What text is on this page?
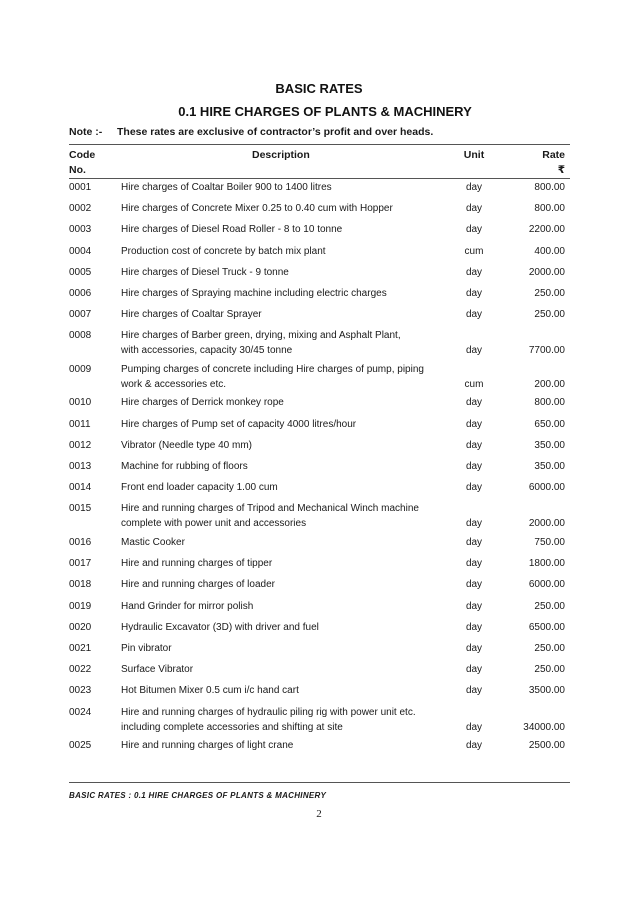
BASIC RATES
0.1 HIRE CHARGES OF PLANTS & MACHINERY
Note :- These rates are exclusive of contractor’s profit and over heads.
Code
No.
Description	Unit	Rate
₹
0001	Hire charges of Coaltar Boiler 900 to 1400 litres	day	800.00
0002	Hire charges of Concrete Mixer 0.25 to 0.40 cum with Hopper	day	800.00
0003	Hire charges of Diesel Road Roller - 8 to 10 tonne	day	2200.00
0004	Production cost of concrete by batch mix plant	cum	400.00
0005	Hire charges of Diesel Truck - 9 tonne	day	2000.00
0006	Hire charges of Spraying machine including electric charges	day	250.00
0007	Hire charges of Coaltar Sprayer	day	250.00
0008	Hire charges of Barber green, drying, mixing and Asphalt Plant,
with accessories, capacity 30/45 tonne	day	7700.00
0009	Pumping charges of concrete including Hire charges of pump, piping
work & accessories etc.	cum	200.00
0010	Hire charges of Derrick monkey rope	day	800.00
0011	Hire charges of Pump set of capacity 4000 litres/hour	day	650.00
0012	Vibrator (Needle type 40 mm)	day	350.00
0013	Machine for rubbing of floors	day	350.00
0014	Front end loader capacity 1.00 cum	day	6000.00
0015	Hire and running charges of Tripod and Mechanical Winch machine
complete with power unit and accessories	day	2000.00
0016	Mastic Cooker	day	750.00
0017	Hire and running charges of tipper	day	1800.00
0018	Hire and running charges of loader	day	6000.00
0019	Hand Grinder for mirror polish	day	250.00
0020	Hydraulic Excavator (3D) with driver and fuel	day	6500.00
0021	Pin vibrator	day	250.00
0022	Surface Vibrator	day	250.00
0023	Hot Bitumen Mixer 0.5 cum i/c hand cart	day	3500.00
0024	Hire and running charges of hydraulic piling rig with power unit etc.
including complete accessories and shifting at site	day	34000.00
0025	Hire and running charges of light crane	day	2500.00
BASIC RATES : 0.1 HIRE CHARGES OF PLANTS & MACHINERY
2
